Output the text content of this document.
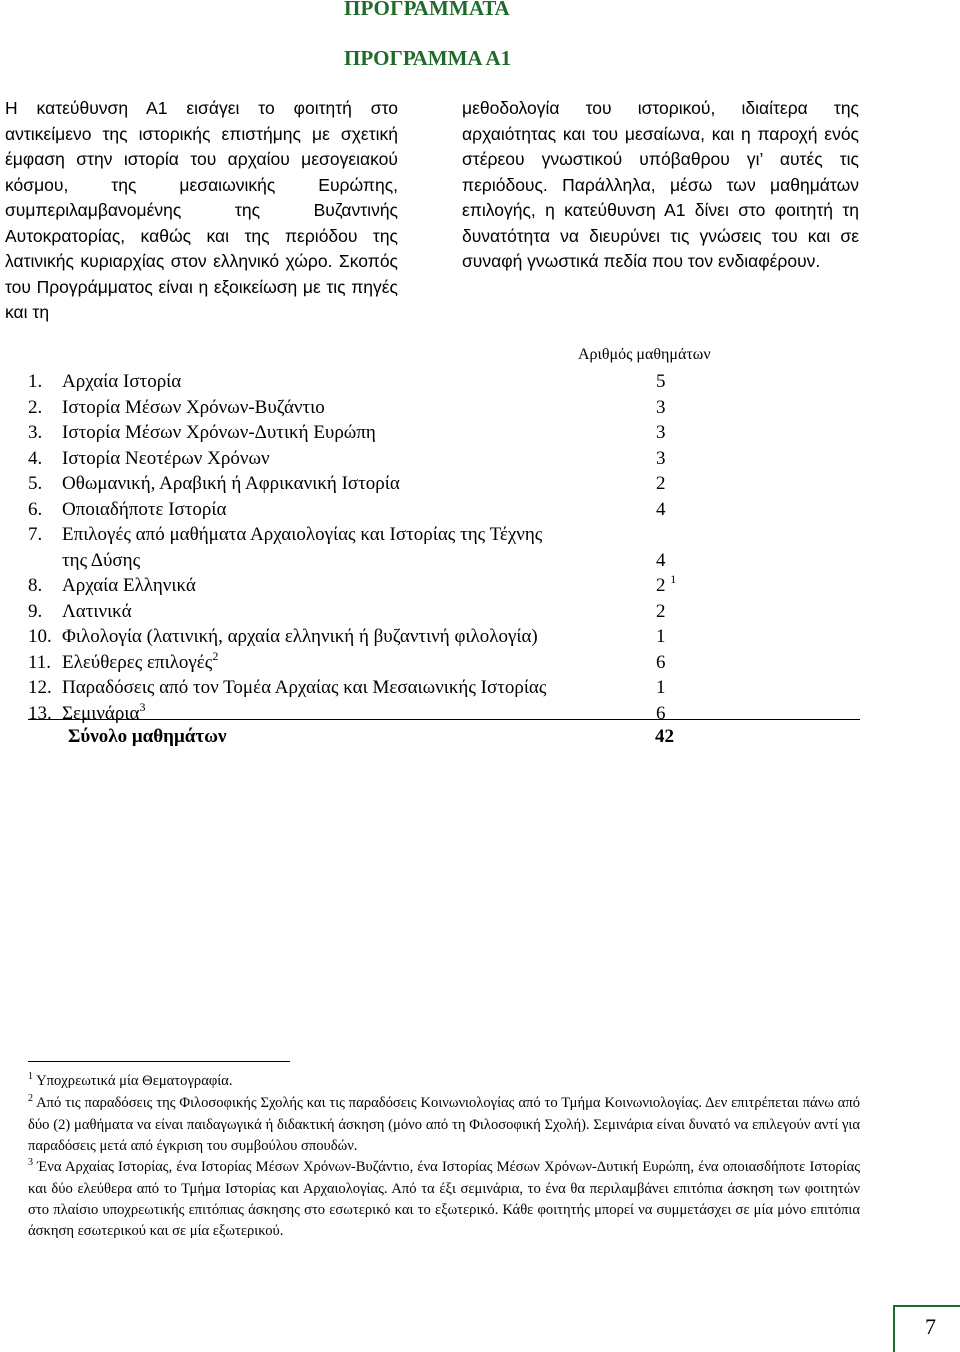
ΠΡΟΓΡΑΜΜΑΤΑ
ΠΡΟΓΡΑΜΜΑ Α1

Η κατεύθυνση Α1 εισάγει το φοιτητή στο αντικείμενο της ιστορικής επιστήμης με σχετική έμφαση στην ιστορία του αρχαίου μεσογειακού κόσμου, της μεσαιωνικής Ευρώπης, συμπεριλαμβανομένης της Βυζαντινής Αυτοκρατορίας, καθώς και της περιόδου της λατινικής κυριαρχίας στον ελληνικό χώρο. Σκοπός του Προγράμματος είναι η εξοικείωση με τις πηγές και τη

μεθοδολογία του ιστορικού, ιδιαίτερα της αρχαιότητας και του μεσαίωνα, και η παροχή ενός στέρεου γνωστικού υπόβαθρου γι’ αυτές τις περιόδους. Παράλληλα, μέσω των μαθημάτων επιλογής, η κατεύθυνση Α1 δίνει στο φοιτητή τη δυνατότητα να διευρύνει τις γνώσεις του και σε συναφή γνωστικά πεδία που τον ενδιαφέρουν.

Αριθμός μαθημάτων
1. Αρχαία Ιστορία	5
2. Ιστορία Μέσων Χρόνων-Βυζάντιο	3
3. Ιστορία Μέσων Χρόνων-Δυτική Ευρώπη	3
4. Ιστορία Νεοτέρων Χρόνων	3
5. Οθωμανική, Αραβική ή Αφρικανική Ιστορία	2
6. Οποιαδήποτε Ιστορία	4
7. Επιλογές από μαθήματα Αρχαιολογίας και Ιστορίας της Τέχνης
της Δύσης	4
8. Αρχαία Ελληνικά	2 $^1$
9. Λατινικά	2
10. Φιλολογία (λατινική, αρχαία ελληνική ή βυζαντινή φιλολογία)	1
11. Ελεύθερες επιλογές$^2$	6
12. Παραδόσεις από τον Τομέα Αρχαίας και Μεσαιωνικής Ιστορίας	1
13. Σεμινάρια$^3$	6
Σύνολο μαθημάτων	42

$^1$ Υποχρεωτικά μία Θεματογραφία.

$^2$ Από τις παραδόσεις της Φιλοσοφικής Σχολής και τις παραδόσεις Κοινωνιολογίας από το Τμήμα Κοινωνιολογίας. Δεν επιτρέπεται πάνω από δύο (2) μαθήματα να είναι παιδαγωγικά ή διδακτική άσκηση (μόνο από τη Φιλοσοφική Σχολή). Σεμινάρια είναι δυνατό να επιλεγούν αντί για παραδόσεις μετά από έγκριση του συμβούλου σπουδών.

$^3$ Ένα Αρχαίας Ιστορίας, ένα Ιστορίας Μέσων Χρόνων-Βυζάντιο, ένα Ιστορίας Μέσων Χρόνων-Δυτική Ευρώπη, ένα οποιασδήποτε Ιστορίας και δύο ελεύθερα από το Τμήμα Ιστορίας και Αρχαιολογίας. Από τα έξι σεμινάρια, το ένα θα περιλαμβάνει επιτόπια άσκηση των φοιτητών στο πλαίσιο υποχρεωτικής επιτόπιας άσκησης στο εσωτερικό και το εξωτερικό. Κάθε φοιτητής μπορεί να συμμετάσχει σε μία μόνο επιτόπια άσκηση εσωτερικού και σε μία εξωτερικού.

7
